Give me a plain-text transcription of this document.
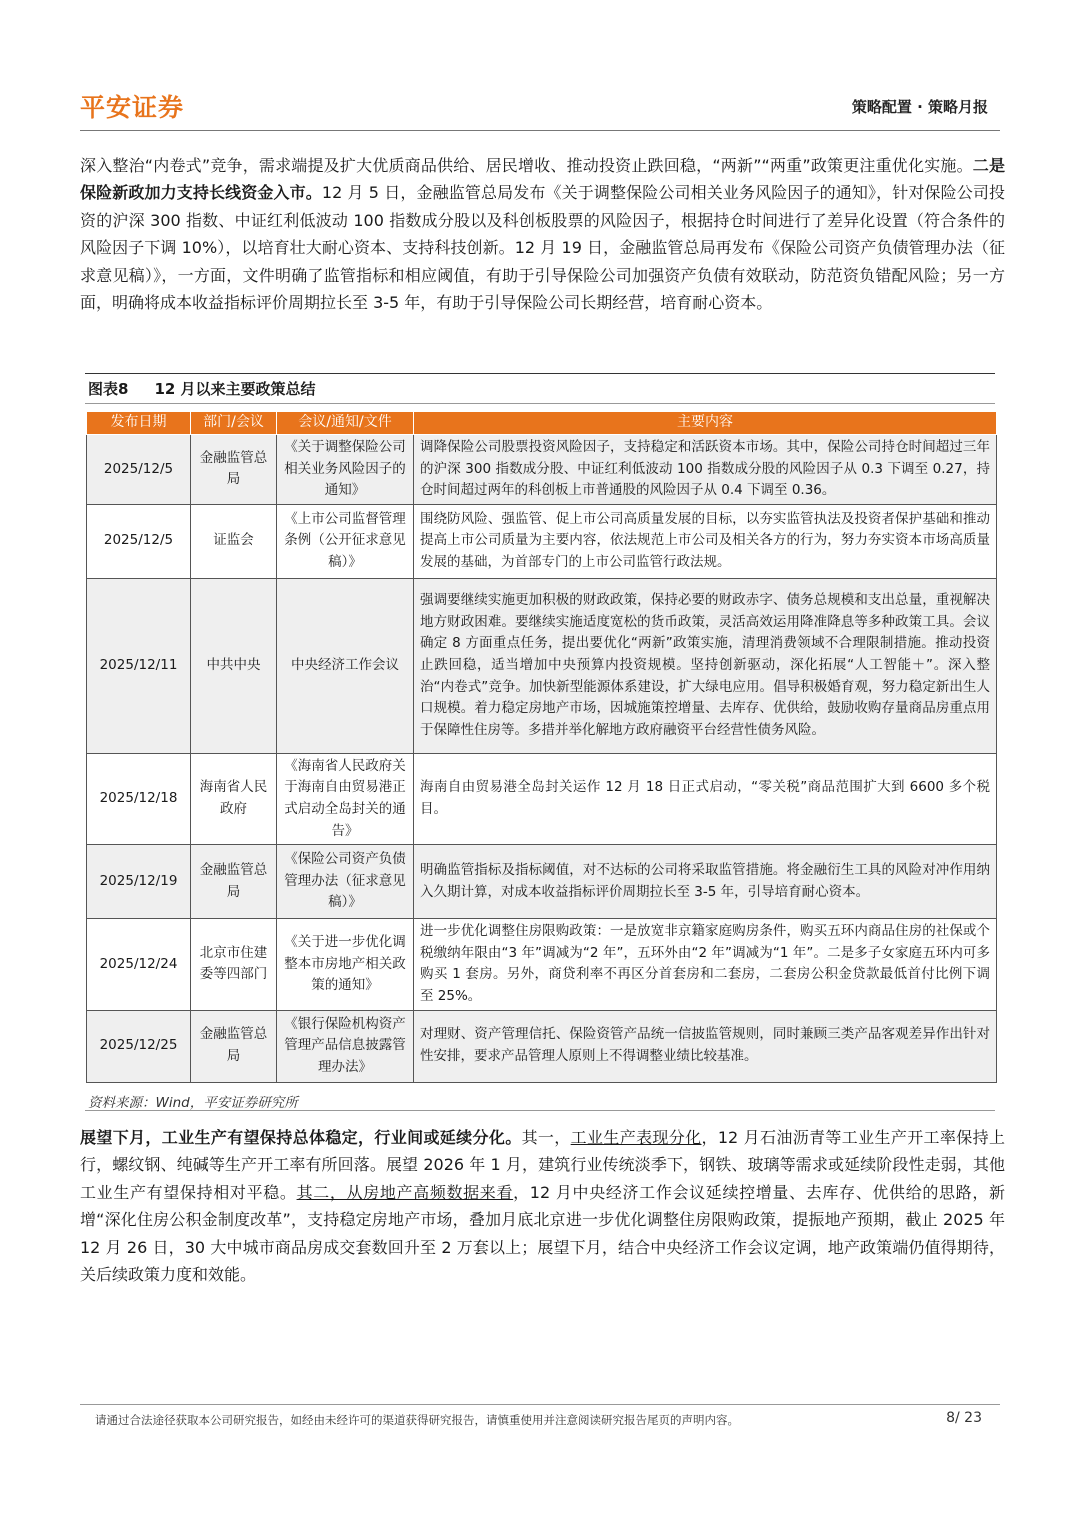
平安证券	策略配置 · 策略月报

深入整治“内卷式”竞争，需求端提及扩大优质商品供给、居民增收、推动投资止跌回稳，“两新”“两重”政策更注重优化实施。二是保险新政加力支持长线资金入市。12 月 5 日，金融监管总局发布《关于调整保险公司相关业务风险因子的通知》，针对保险公司投资的沪深 300 指数、中证红利低波动 100 指数成分股以及科创板股票的风险因子，根据持仓时间进行了差异化设置（符合条件的风险因子下调 10%），以培育壮大耐心资本、支持科技创新。12 月 19 日，金融监管总局再发布《保险公司资产负债管理办法（征求意见稿）》，一方面，文件明确了监管指标和相应阈值，有助于引导保险公司加强资产负债有效联动，防范资负错配风险；另一方面，明确将成本收益指标评价周期拉长至 3-5 年，有助于引导保险公司长期经营，培育耐心资本。

图表8 12 月以来主要政策总结
发布日期	部门/会议	会议/通知/文件	主要内容
2025/12/5	金融监管总局	《关于调整保险公司相关业务风险因子的通知》	调降保险公司股票投资风险因子，支持稳定和活跃资本市场。其中，保险公司持仓时间超过三年的沪深 300 指数成分股、中证红利低波动 100 指数成分股的风险因子从 0.3 下调至 0.27，持仓时间超过两年的科创板上市普通股的风险因子从 0.4 下调至 0.36。
2025/12/5	证监会	《上市公司监督管理条例（公开征求意见稿）》	围绕防风险、强监管、促上市公司高质量发展的目标，以夯实监管执法及投资者保护基础和推动提高上市公司质量为主要内容，依法规范上市公司及相关各方的行为，努力夯实资本市场高质量发展的基础，为首部专门的上市公司监管行政法规。
2025/12/11	中共中央	中央经济工作会议	强调要继续实施更加积极的财政政策，保持必要的财政赤字、债务总规模和支出总量，重视解决地方财政困难。要继续实施适度宽松的货币政策，灵活高效运用降准降息等多种政策工具。会议确定 8 方面重点任务，提出要优化“两新”政策实施，清理消费领域不合理限制措施。推动投资止跌回稳，适当增加中央预算内投资规模。坚持创新驱动，深化拓展“人工智能＋”。深入整治“内卷式”竞争。加快新型能源体系建设，扩大绿电应用。倡导积极婚育观，努力稳定新出生人口规模。着力稳定房地产市场，因城施策控增量、去库存、优供给，鼓励收购存量商品房重点用于保障性住房等。多措并举化解地方政府融资平台经营性债务风险。
2025/12/18	海南省人民政府	《海南省人民政府关于海南自由贸易港正式启动全岛封关的通告》	海南自由贸易港全岛封关运作 12 月 18 日正式启动，“零关税”商品范围扩大到 6600 多个税目。
2025/12/19	金融监管总局	《保险公司资产负债管理办法（征求意见稿）》	明确监管指标及指标阈值，对不达标的公司将采取监管措施。将金融衍生工具的风险对冲作用纳入久期计算，对成本收益指标评价周期拉长至 3-5 年，引导培育耐心资本。
2025/12/24	北京市住建委等四部门	《关于进一步优化调整本市房地产相关政策的通知》	进一步优化调整住房限购政策：一是放宽非京籍家庭购房条件，购买五环内商品住房的社保或个税缴纳年限由“3 年”调减为“2 年”，五环外由“2 年”调减为“1 年”。二是多子女家庭五环内可多购买 1 套房。另外，商贷利率不再区分首套房和二套房，二套房公积金贷款最低首付比例下调至 25%。
2025/12/25	金融监管总局	《银行保险机构资产管理产品信息披露管理办法》	对理财、资产管理信托、保险资管产品统一信披监管规则，同时兼顾三类产品客观差异作出针对性安排，要求产品管理人原则上不得调整业绩比较基准。
资料来源：Wind，平安证券研究所

展望下月，工业生产有望保持总体稳定，行业间或延续分化。其一，工业生产表现分化，12 月石油沥青等工业生产开工率保持上行，螺纹钢、纯碱等生产开工率有所回落。展望 2026 年 1 月，建筑行业传统淡季下，钢铁、玻璃等需求或延续阶段性走弱，其他工业生产有望保持相对平稳。其二，从房地产高频数据来看，12 月中央经济工作会议延续控增量、去库存、优供给的思路，新增“深化住房公积金制度改革”，支持稳定房地产市场，叠加月底北京进一步优化调整住房限购政策，提振地产预期，截止 2025 年 12 月 26 日，30 大中城市商品房成交套数回升至 2 万套以上；展望下月，结合中央经济工作会议定调，地产政策端仍值得期待，关后续政策力度和效能。

请通过合法途径获取本公司研究报告，如经由未经许可的渠道获得研究报告，请慎重使用并注意阅读研究报告尾页的声明内容。	8/ 23
